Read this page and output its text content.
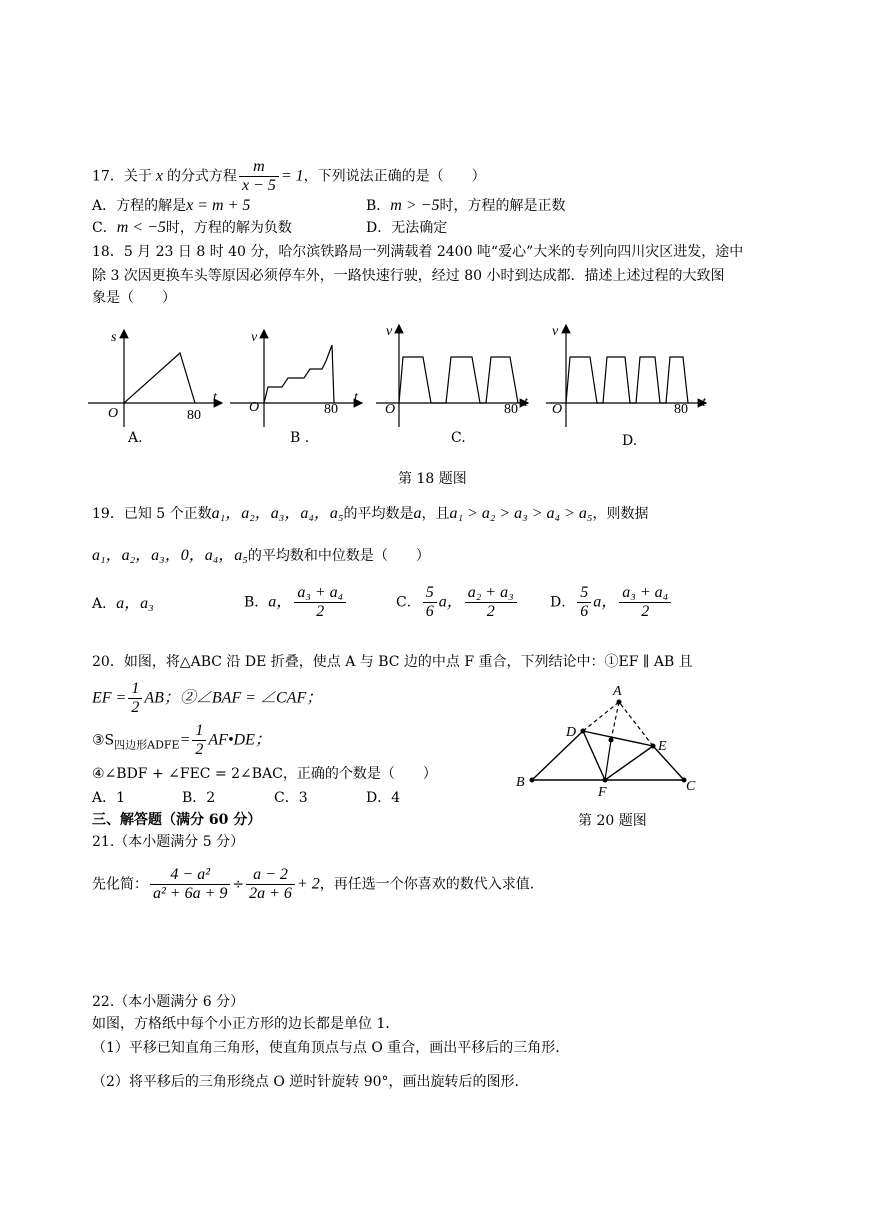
17．关于 x 的分式方程 $\frac{m}{x - 5} = 1$，下列说法正确的是（　　）
A．方程的解是x = m + 5	B．m > −5时，方程的解是正数
C．m < −5时，方程的解为负数	D．无法确定
18．5 月 23 日 8 时 40 分，哈尔滨铁路局一列满载着 2400 吨“爱心”大米的专列向四川灾区进发，途中
除 3 次因更换车头等原因必须停车外，一路快速行驶，经过 80 小时到达成都．描述上述过程的大致图
象是（　　）
s
t
O	80
v
t
O	80
v
t
O	80
v
t
O	80
A.	B .	C.	D.
第 18 题图
19．已知 5 个正数a₁，a₂，a₃，a₄，a₅的平均数是a，且a₁ > a₂ > a₃ > a₄ > a₅，则数据
a₁，a₂，a₃，0，a₄，a₅的平均数和中位数是（　　）
A．a，a₃	B．a， $\frac{\text{a₃ + a₄}}{2}$	C． $\frac{5}{6}$ a， $\frac{\text{a₂ + a₃}}{2}$ D． $\frac{5}{6}$ a， $\frac{\text{a₃ + a₄}}{2}$
20．如图，将△ABC 沿 DE 折叠，使点 A 与 BC 边的中点 F 重合，下列结论中：①EF ∥ AB 且
EF = $\frac{1}{2}$ AB；②∠BAF = ∠CAF；
$③S_{四边形ADFE}= \frac{1}{2}$ AF•DE；
④∠BDF + ∠FEC = 2∠BAC，正确的个数是（　　）
A．1	B．2	C．3	D．4
A
D
E
B	C
F
第 20 题图
三、解答题（满分 60 分）
21.（本小题满分 5 分）
先化简： $\frac{\text{4 − a²}}{\text{a² + 6a + 9}} \div \frac{a - 2}{2a + 6} + 2$，再任选一个你喜欢的数代入求值．
22.（本小题满分 6 分）
如图，方格纸中每个小正方形的边长都是单位 1．
（1）平移已知直角三角形，使直角顶点与点 O 重合，画出平移后的三角形．
（2）将平移后的三角形绕点 O 逆时针旋转 90°，画出旋转后的图形．
